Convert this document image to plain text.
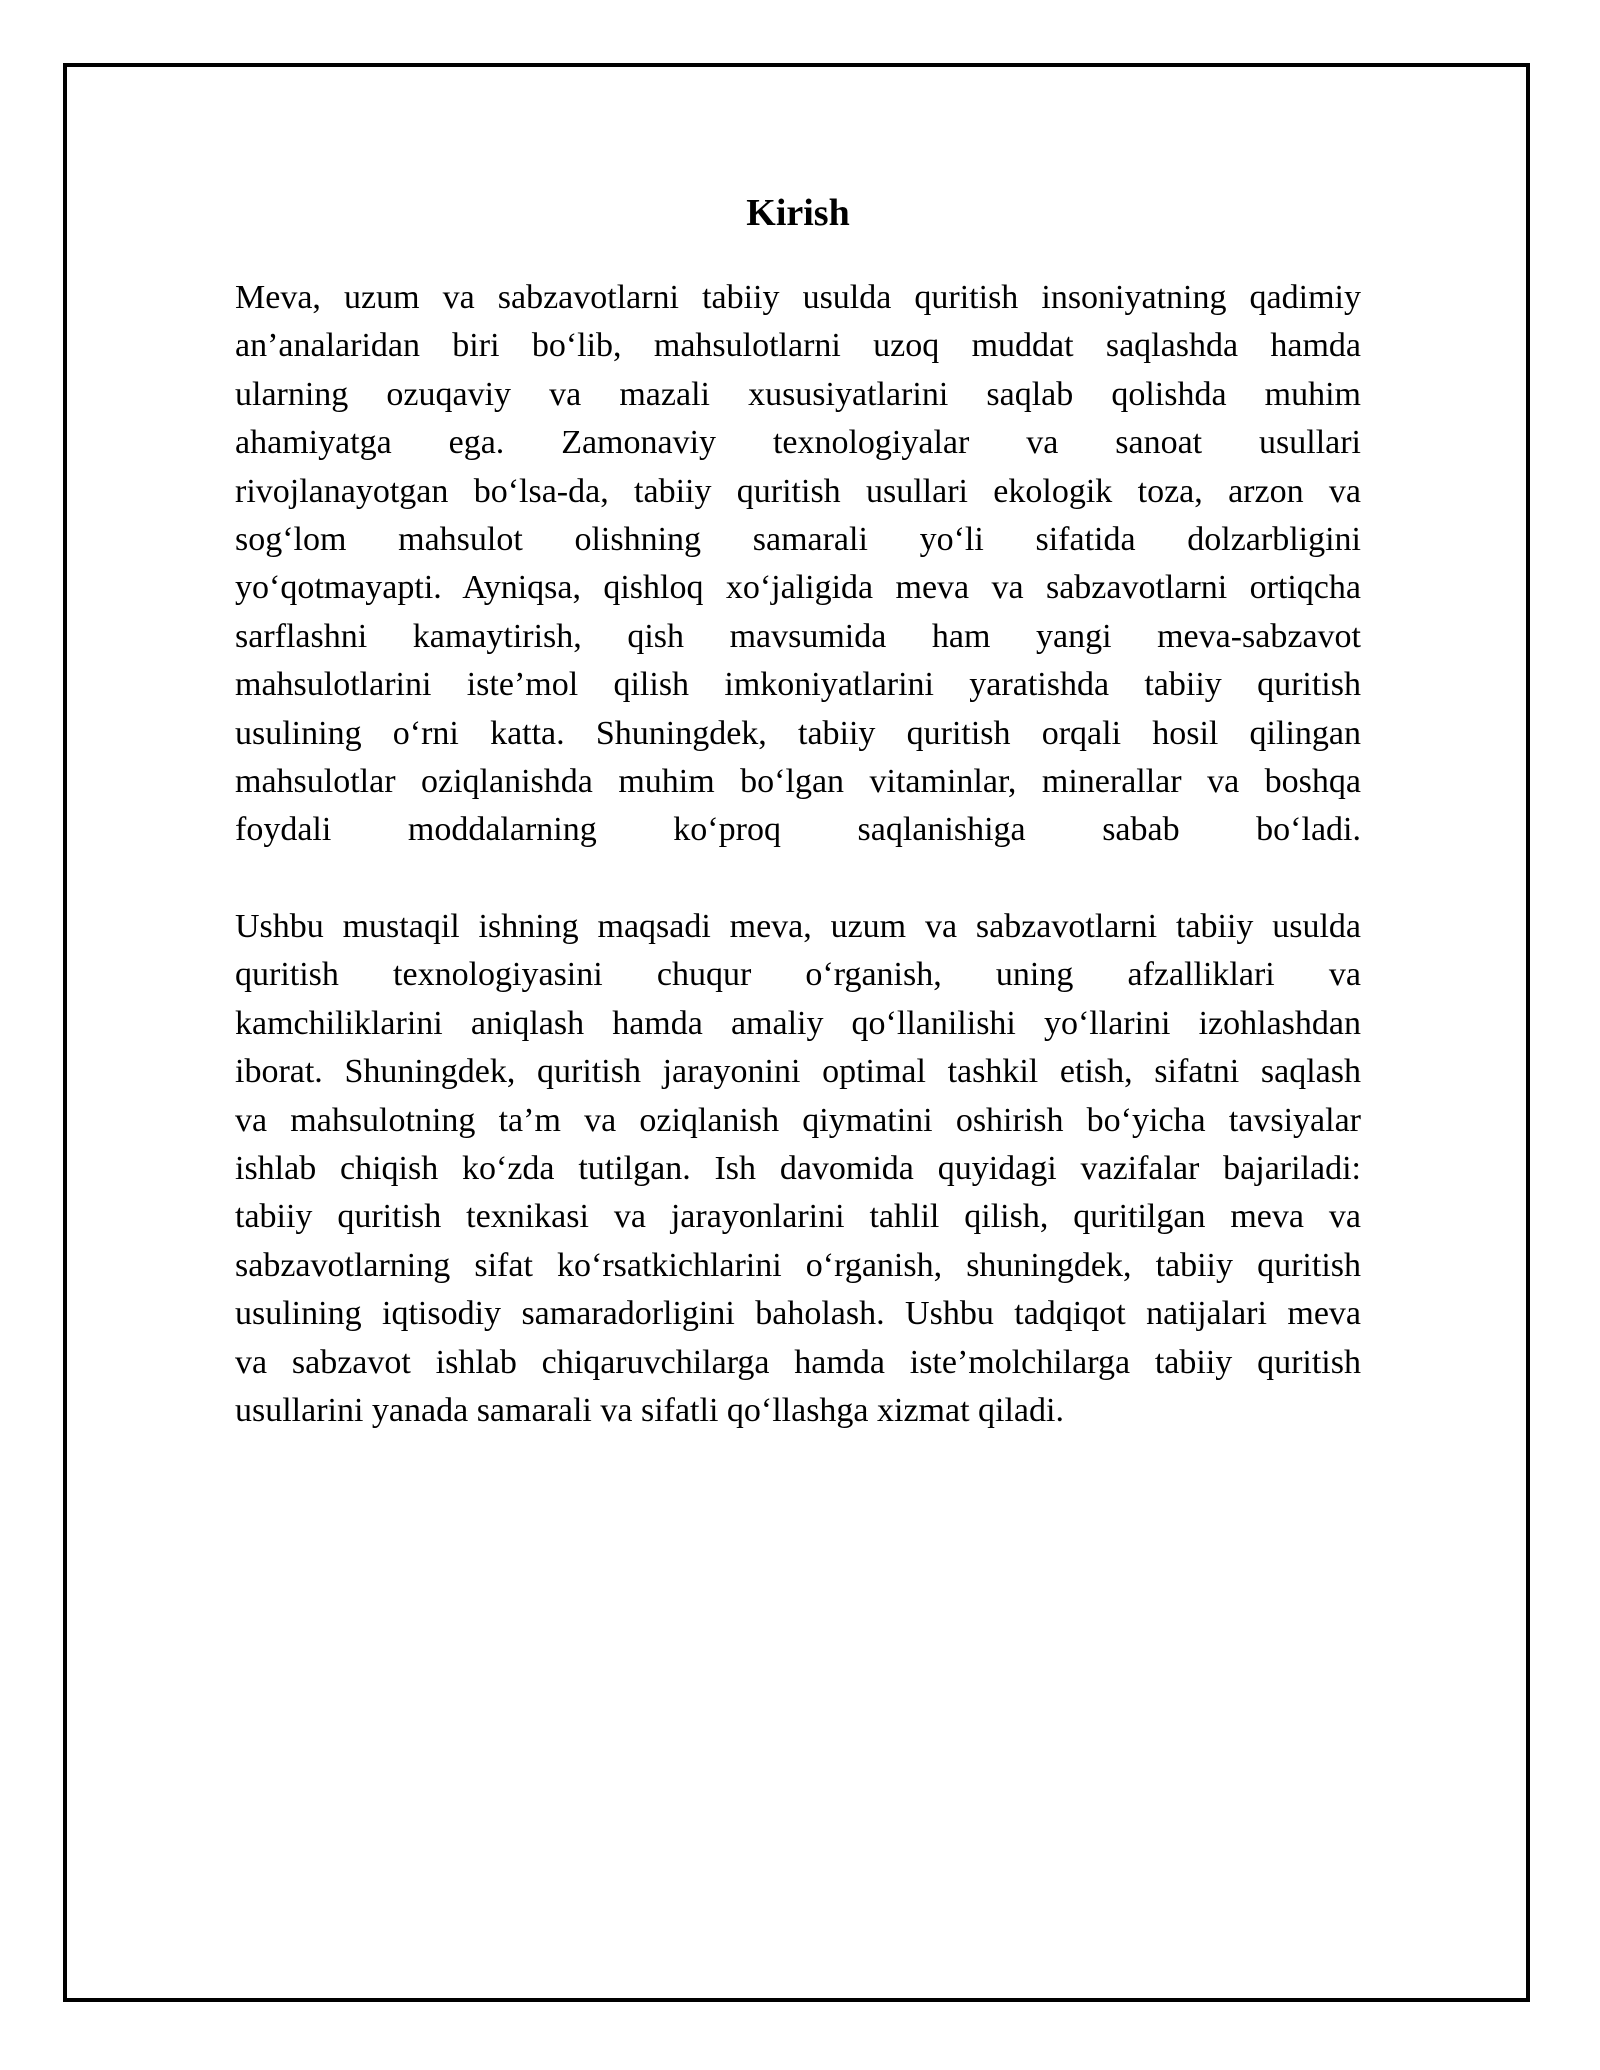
Kirish
Meva, uzum va sabzavotlarni tabiiy usulda quritish insoniyatning qadimiy
an’analaridan biri bo‘lib, mahsulotlarni uzoq muddat saqlashda hamda
ularning ozuqaviy va mazali xususiyatlarini saqlab qolishda muhim
ahamiyatga ega. Zamonaviy texnologiyalar va sanoat usullari
rivojlanayotgan bo‘lsa-da, tabiiy quritish usullari ekologik toza, arzon va
sog‘lom mahsulot olishning samarali yo‘li sifatida dolzarbligini
yo‘qotmayapti. Ayniqsa, qishloq xo‘jaligida meva va sabzavotlarni ortiqcha
sarflashni kamaytirish, qish mavsumida ham yangi meva-sabzavot
mahsulotlarini iste’mol qilish imkoniyatlarini yaratishda tabiiy quritish
usulining o‘rni katta. Shuningdek, tabiiy quritish orqali hosil qilingan
mahsulotlar oziqlanishda muhim bo‘lgan vitaminlar, minerallar va boshqa
foydali moddalarning ko‘proq saqlanishiga sabab bo‘ladi.
Ushbu mustaqil ishning maqsadi meva, uzum va sabzavotlarni tabiiy usulda
quritish texnologiyasini chuqur o‘rganish, uning afzalliklari va
kamchiliklarini aniqlash hamda amaliy qo‘llanilishi yo‘llarini izohlashdan
iborat. Shuningdek, quritish jarayonini optimal tashkil etish, sifatni saqlash
va mahsulotning ta’m va oziqlanish qiymatini oshirish bo‘yicha tavsiyalar
ishlab chiqish ko‘zda tutilgan. Ish davomida quyidagi vazifalar bajariladi:
tabiiy quritish texnikasi va jarayonlarini tahlil qilish, quritilgan meva va
sabzavotlarning sifat ko‘rsatkichlarini o‘rganish, shuningdek, tabiiy quritish
usulining iqtisodiy samaradorligini baholash. Ushbu tadqiqot natijalari meva
va sabzavot ishlab chiqaruvchilarga hamda iste’molchilarga tabiiy quritish
usullarini yanada samarali va sifatli qo‘llashga xizmat qiladi.
